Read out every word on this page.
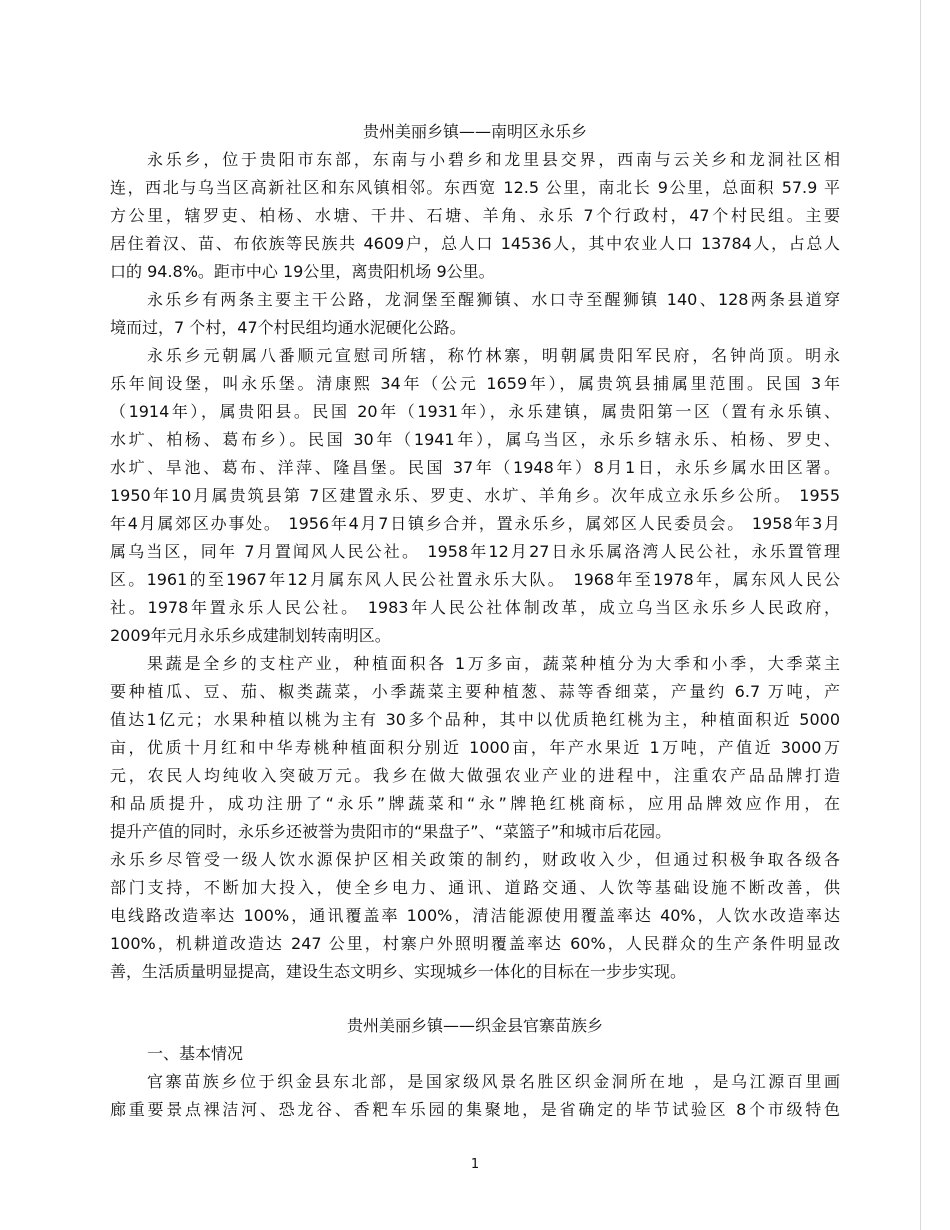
贵州美丽乡镇——南明区永乐乡
永乐乡，位于贵阳市东部，东南与小碧乡和龙里县交界，西南与云关乡和龙洞社区相
连，西北与乌当区高新社区和东风镇相邻。东西宽 12.5 公里，南北长 9公里，总面积 57.9 平
方公里，辖罗吏、柏杨、水塘、干井、石塘、羊角、永乐 7个行政村，47个村民组。主要
居住着汉、苗、布依族等民族共 4609户，总人口 14536人，其中农业人口 13784人，占总人
口的 94.8%。距市中心 19公里，离贵阳机场 9公里。
永乐乡有两条主要主干公路，龙洞堡至醒狮镇、水口寺至醒狮镇 140、128两条县道穿
境而过，7 个村，47个村民组均通水泥硬化公路。
永乐乡元朝属八番顺元宣慰司所辖，称竹林寨，明朝属贵阳军民府，名钟尚顶。明永
乐年间设堡，叫永乐堡。清康熙 34年（公元 1659年），属贵筑县捕属里范围。民国 3年
（1914年），属贵阳县。民国 20年（1931年），永乐建镇，属贵阳第一区（置有永乐镇、
水圹、柏杨、葛布乡）。民国 30年（1941年），属乌当区，永乐乡辖永乐、柏杨、罗史、
水圹、旱池、葛布、洋萍、隆昌堡。民国 37年（1948年）8月1日，永乐乡属水田区署。
1950年10月属贵筑县第 7区建置永乐、罗吏、水圹、羊角乡。次年成立永乐乡公所。 1955
年4月属郊区办事处。 1956年4月7日镇乡合并，置永乐乡，属郊区人民委员会。 1958年3月
属乌当区，同年 7月置闻风人民公社。 1958年12月27日永乐属洛湾人民公社，永乐置管理
区。1961的至1967年12月属东风人民公社置永乐大队。 1968年至1978年，属东风人民公
社。1978年置永乐人民公社。 1983年人民公社体制改革，成立乌当区永乐乡人民政府，
2009年元月永乐乡成建制划转南明区。
果蔬是全乡的支柱产业，种植面积各 1万多亩，蔬菜种植分为大季和小季，大季菜主
要种植瓜、豆、茄、椒类蔬菜，小季蔬菜主要种植葱、蒜等香细菜，产量约 6.7 万吨，产
值达1亿元；水果种植以桃为主有 30多个品种，其中以优质艳红桃为主，种植面积近 5000
亩，优质十月红和中华寿桃种植面积分别近 1000亩，年产水果近 1万吨，产值近 3000万
元，农民人均纯收入突破万元。我乡在做大做强农业产业的进程中，注重农产品品牌打造
和品质提升，成功注册了“永乐”牌蔬菜和“永”牌艳红桃商标，应用品牌效应作用，在
提升产值的同时，永乐乡还被誉为贵阳市的“果盘子”、“菜篮子”和城市后花园。
永乐乡尽管受一级人饮水源保护区相关政策的制约，财政收入少，但通过积极争取各级各
部门支持，不断加大投入，使全乡电力、通讯、道路交通、人饮等基础设施不断改善，供
电线路改造率达 100%，通讯覆盖率 100%，清洁能源使用覆盖率达 40%，人饮水改造率达
100%，机耕道改造达 247 公里，村寨户外照明覆盖率达 60%，人民群众的生产条件明显改
善，生活质量明显提高，建设生态文明乡、实现城乡一体化的目标在一步步实现。
贵州美丽乡镇——织金县官寨苗族乡
一、基本情况
官寨苗族乡位于织金县东北部，是国家级风景名胜区织金洞所在地 ，是乌江源百里画
廊重要景点裸洁河、恐龙谷、香粑车乐园的集聚地，是省确定的毕节试验区 8个市级特色
1
